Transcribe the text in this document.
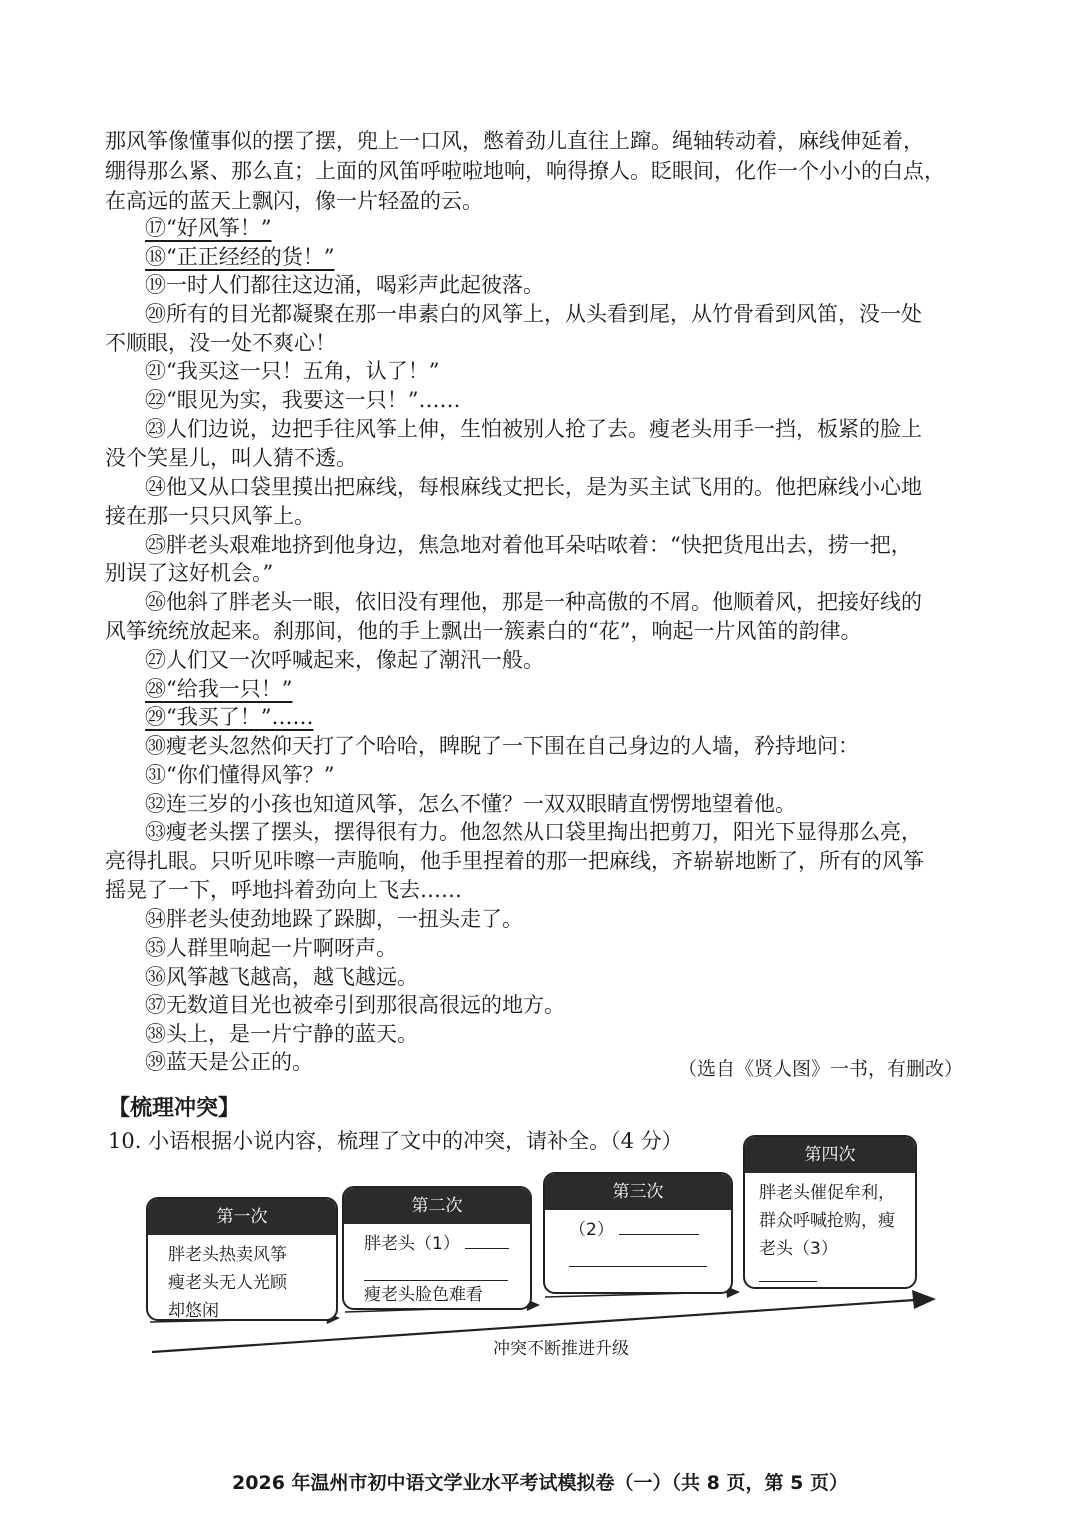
那风筝像懂事似的摆了摆，兜上一口风，憋着劲儿直往上蹿。绳轴转动着，麻线伸延着，
绷得那么紧、那么直；上面的风笛呼啦啦地响，响得撩人。眨眼间，化作一个小小的白点，
在高远的蓝天上飘闪，像一片轻盈的云。
⑰“好风筝！”
⑱“正正经经的货！”
⑲一时人们都往这边涌，喝彩声此起彼落。
⑳所有的目光都凝聚在那一串素白的风筝上，从头看到尾，从竹骨看到风笛，没一处
不顺眼，没一处不爽心！
㉑“我买这一只！五角，认了！”
㉒“眼见为实，我要这一只！”……
㉓人们边说，边把手往风筝上伸，生怕被别人抢了去。瘦老头用手一挡，板紧的脸上
没个笑星儿，叫人猜不透。
㉔他又从口袋里摸出把麻线，每根麻线丈把长，是为买主试飞用的。他把麻线小心地
接在那一只只风筝上。
㉕胖老头艰难地挤到他身边，焦急地对着他耳朵咕哝着：“快把货甩出去，捞一把，
别误了这好机会。”
㉖他斜了胖老头一眼，依旧没有理他，那是一种高傲的不屑。他顺着风，把接好线的
风筝统统放起来。刹那间，他的手上飘出一簇素白的“花”，响起一片风笛的韵律。
㉗人们又一次呼喊起来，像起了潮汛一般。
㉘“给我一只！”
㉙“我买了！”……
㉚瘦老头忽然仰天打了个哈哈，睥睨了一下围在自己身边的人墙，矜持地问：
㉛“你们懂得风筝？”
㉜连三岁的小孩也知道风筝，怎么不懂？一双双眼睛直愣愣地望着他。
㉝瘦老头摆了摆头，摆得很有力。他忽然从口袋里掏出把剪刀，阳光下显得那么亮，
亮得扎眼。只听见咔嚓一声脆响，他手里捏着的那一把麻线，齐崭崭地断了，所有的风筝
摇晃了一下，呼地抖着劲向上飞去……
㉞胖老头使劲地跺了跺脚，一扭头走了。
㉟人群里响起一片啊呀声。
㊱风筝越飞越高，越飞越远。
㊲无数道目光也被牵引到那很高很远的地方。
㊳头上，是一片宁静的蓝天。
㊴蓝天是公正的。	（选自《贤人图》一书，有删改）
【梳理冲突】
10. 小语根据小说内容，梳理了文中的冲突，请补全。（4 分）
第一次
胖老头热卖风筝
瘦老头无人光顾
却悠闲
第二次
胖老头（1）
瘦老头脸色难看
第三次
（2）
第四次
胖老头催促牟利，
群众呼喊抢购，瘦
老头（3）
冲突不断推进升级
2026 年温州市初中语文学业水平考试模拟卷（一）（共 8 页，第 5 页）
